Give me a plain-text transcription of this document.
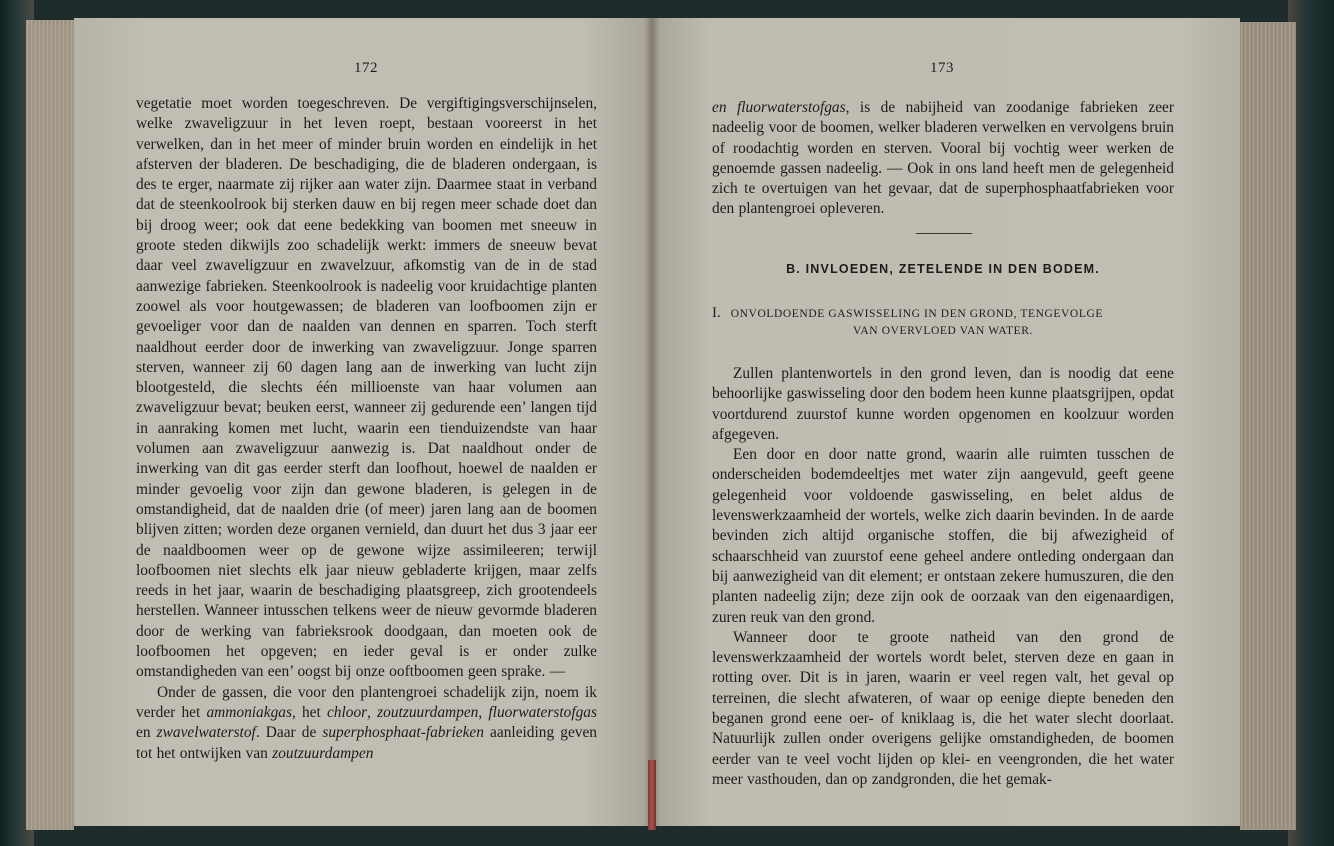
172	173

vegetatie moet worden toegeschreven. De vergiftigingsverschijnselen, welke zwaveligzuur in het leven roept, bestaan vooreerst in het verwelken, dan in het meer of minder bruin worden en eindelijk in het afsterven der bladeren. De beschadiging, die de bladeren ondergaan, is des te erger, naarmate zij rijker aan water zijn. Daarmee staat in verband dat de steenkoolrook bij sterken dauw en bij regen meer schade doet dan bij droog weer; ook dat eene bedekking van boomen met sneeuw in groote steden dikwijls zoo schadelijk werkt: immers de sneeuw bevat daar veel zwaveligzuur en zwavelzuur, afkomstig van de in de stad aanwezige fabrieken. Steenkoolrook is nadeelig voor kruidachtige planten zoowel als voor houtgewassen; de bladeren van loofboomen zijn er gevoeliger voor dan de naalden van dennen en sparren. Toch sterft naaldhout eerder door de inwerking van zwaveligzuur. Jonge sparren sterven, wanneer zij 60 dagen lang aan de inwerking van lucht zijn blootgesteld, die slechts één millioenste van haar volumen aan zwaveligzuur bevat; beuken eerst, wanneer zij gedurende een’ langen tijd in aanraking komen met lucht, waarin een tienduizendste van haar volumen aan zwaveligzuur aanwezig is. Dat naaldhout onder de inwerking van dit gas eerder sterft dan loofhout, hoewel de naalden er minder gevoelig voor zijn dan gewone bladeren, is gelegen in de omstandigheid, dat de naalden drie (of meer) jaren lang aan de boomen blijven zitten; worden deze organen vernield, dan duurt het dus 3 jaar eer de naaldboomen weer op de gewone wijze assimileeren; terwijl loofboomen niet slechts elk jaar nieuw gebladerte krijgen, maar zelfs reeds in het jaar, waarin de beschadiging plaatsgreep, zich grootendeels herstellen. Wanneer intusschen telkens weer de nieuw gevormde bladeren door de werking van fabrieksrook doodgaan, dan moeten ook de loofboomen het opgeven; en ieder geval is er onder zulke omstandigheden van een’ oogst bij onze ooftboomen geen sprake. —

Onder de gassen, die voor den plantengroei schadelijk zijn, noem ik verder het ammoniakgas, het chloor, zoutzuurdampen, fluorwaterstofgas en zwavelwaterstof. Daar de superphosphaat-fabrieken aanleiding geven tot het ontwijken van zoutzuurdampen

en fluorwaterstofgas, is de nabijheid van zoodanige fabrieken zeer nadeelig voor de boomen, welker bladeren verwelken en vervolgens bruin of roodachtig worden en sterven. Vooral bij vochtig weer werken de genoemde gassen nadeelig. — Ook in ons land heeft men de gelegenheid zich te overtuigen van het gevaar, dat de superphosphaatfabrieken voor den plantengroei opleveren.

B. INVLOEDEN, ZETELENDE IN DEN BODEM.
I. ONVOLDOENDE GASWISSELING IN DEN GROND, TENGEVOLGE
VAN OVERVLOED VAN WATER.

Zullen plantenwortels in den grond leven, dan is noodig dat eene behoorlijke gaswisseling door den bodem heen kunne plaatsgrijpen, opdat voortdurend zuurstof kunne worden opgenomen en koolzuur worden afgegeven.

Een door en door natte grond, waarin alle ruimten tusschen de onderscheiden bodemdeeltjes met water zijn aangevuld, geeft geene gelegenheid voor voldoende gaswisseling, en belet aldus de levenswerkzaamheid der wortels, welke zich daarin bevinden. In de aarde bevinden zich altijd organische stoffen, die bij afwezigheid of schaarschheid van zuurstof eene geheel andere ontleding ondergaan dan bij aanwezigheid van dit element; er ontstaan zekere humuszuren, die den planten nadeelig zijn; deze zijn ook de oorzaak van den eigenaardigen, zuren reuk van den grond.

Wanneer door te groote natheid van den grond de levenswerkzaamheid der wortels wordt belet, sterven deze en gaan in rotting over. Dit is in jaren, waarin er veel regen valt, het geval op terreinen, die slecht afwateren, of waar op eenige diepte beneden den beganen grond eene oer- of kniklaag is, die het water slecht doorlaat. Natuurlijk zullen onder overigens gelijke omstandigheden, de boomen eerder van te veel vocht lijden op klei- en veengronden, die het water meer vasthouden, dan op zandgronden, die het gemak-
